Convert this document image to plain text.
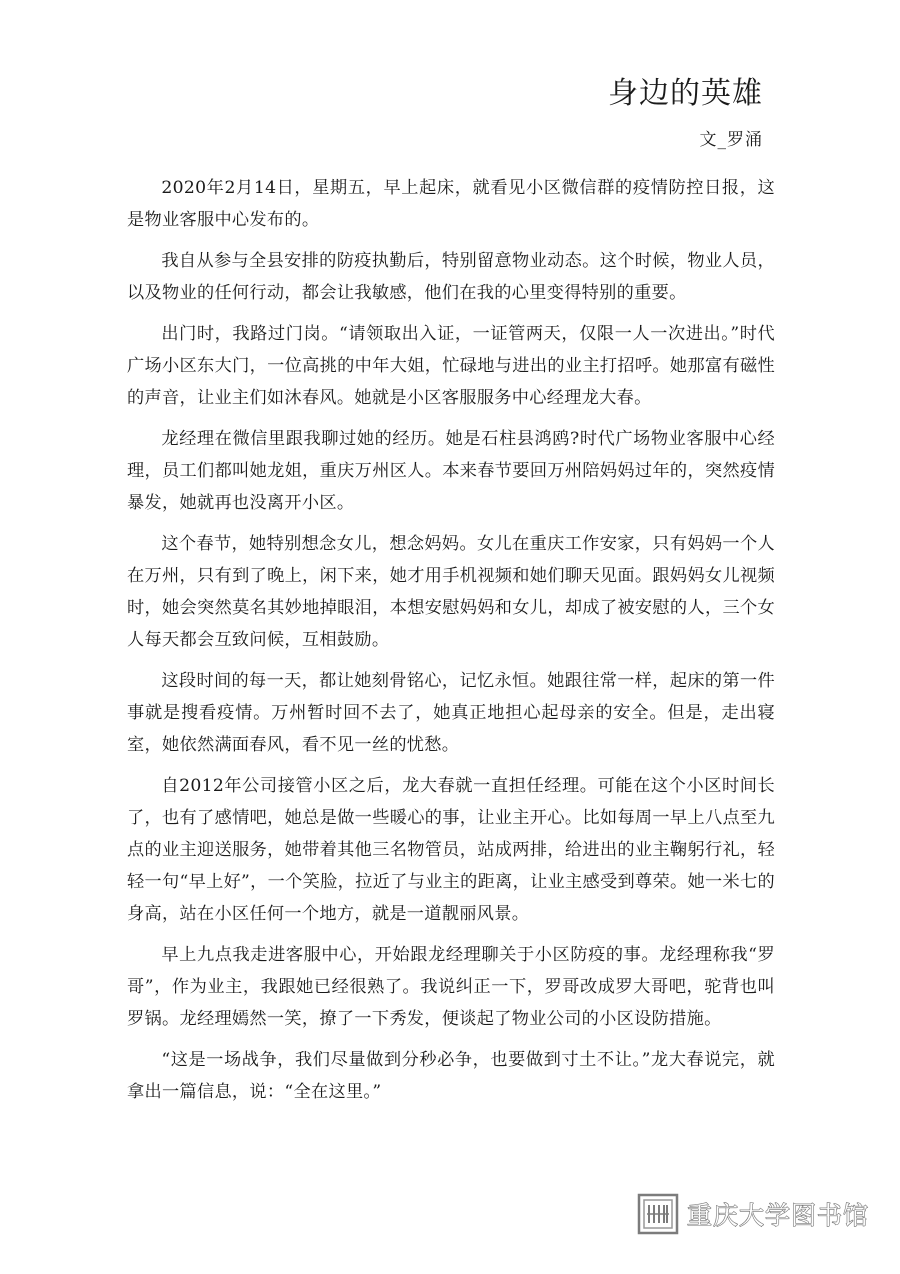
身边的英雄
文_罗涌

2020年2月14日，星期五，早上起床，就看见小区微信群的疫情防控日报，这是物业客服中心发布的。

我自从参与全县安排的防疫执勤后，特别留意物业动态。这个时候，物业人员，以及物业的任何行动，都会让我敏感，他们在我的心里变得特别的重要。

出门时，我路过门岗。“请领取出入证，一证管两天，仅限一人一次进出。”时代广场小区东大门，一位高挑的中年大姐，忙碌地与进出的业主打招呼。她那富有磁性的声音，让业主们如沐春风。她就是小区客服服务中心经理龙大春。

龙经理在微信里跟我聊过她的经历。她是石柱县鸿鸥?时代广场物业客服中心经理，员工们都叫她龙姐，重庆万州区人。本来春节要回万州陪妈妈过年的，突然疫情暴发，她就再也没离开小区。

这个春节，她特别想念女儿，想念妈妈。女儿在重庆工作安家，只有妈妈一个人在万州，只有到了晚上，闲下来，她才用手机视频和她们聊天见面。跟妈妈女儿视频时，她会突然莫名其妙地掉眼泪，本想安慰妈妈和女儿，却成了被安慰的人，三个女人每天都会互致问候，互相鼓励。

这段时间的每一天，都让她刻骨铭心，记忆永恒。她跟往常一样，起床的第一件事就是搜看疫情。万州暂时回不去了，她真正地担心起母亲的安全。但是，走出寝室，她依然满面春风，看不见一丝的忧愁。

自2012年公司接管小区之后，龙大春就一直担任经理。可能在这个小区时间长了，也有了感情吧，她总是做一些暖心的事，让业主开心。比如每周一早上八点至九点的业主迎送服务，她带着其他三名物管员，站成两排，给进出的业主鞠躬行礼，轻轻一句“早上好”，一个笑脸，拉近了与业主的距离，让业主感受到尊荣。她一米七的身高，站在小区任何一个地方，就是一道靓丽风景。

早上九点我走进客服中心，开始跟龙经理聊关于小区防疫的事。龙经理称我“罗哥”，作为业主，我跟她已经很熟了。我说纠正一下，罗哥改成罗大哥吧，驼背也叫罗锅。龙经理嫣然一笑，撩了一下秀发，便谈起了物业公司的小区设防措施。

“这是一场战争，我们尽量做到分秒必争，也要做到寸土不让。”龙大春说完，就拿出一篇信息，说：“全在这里。”

重庆大学图书馆
